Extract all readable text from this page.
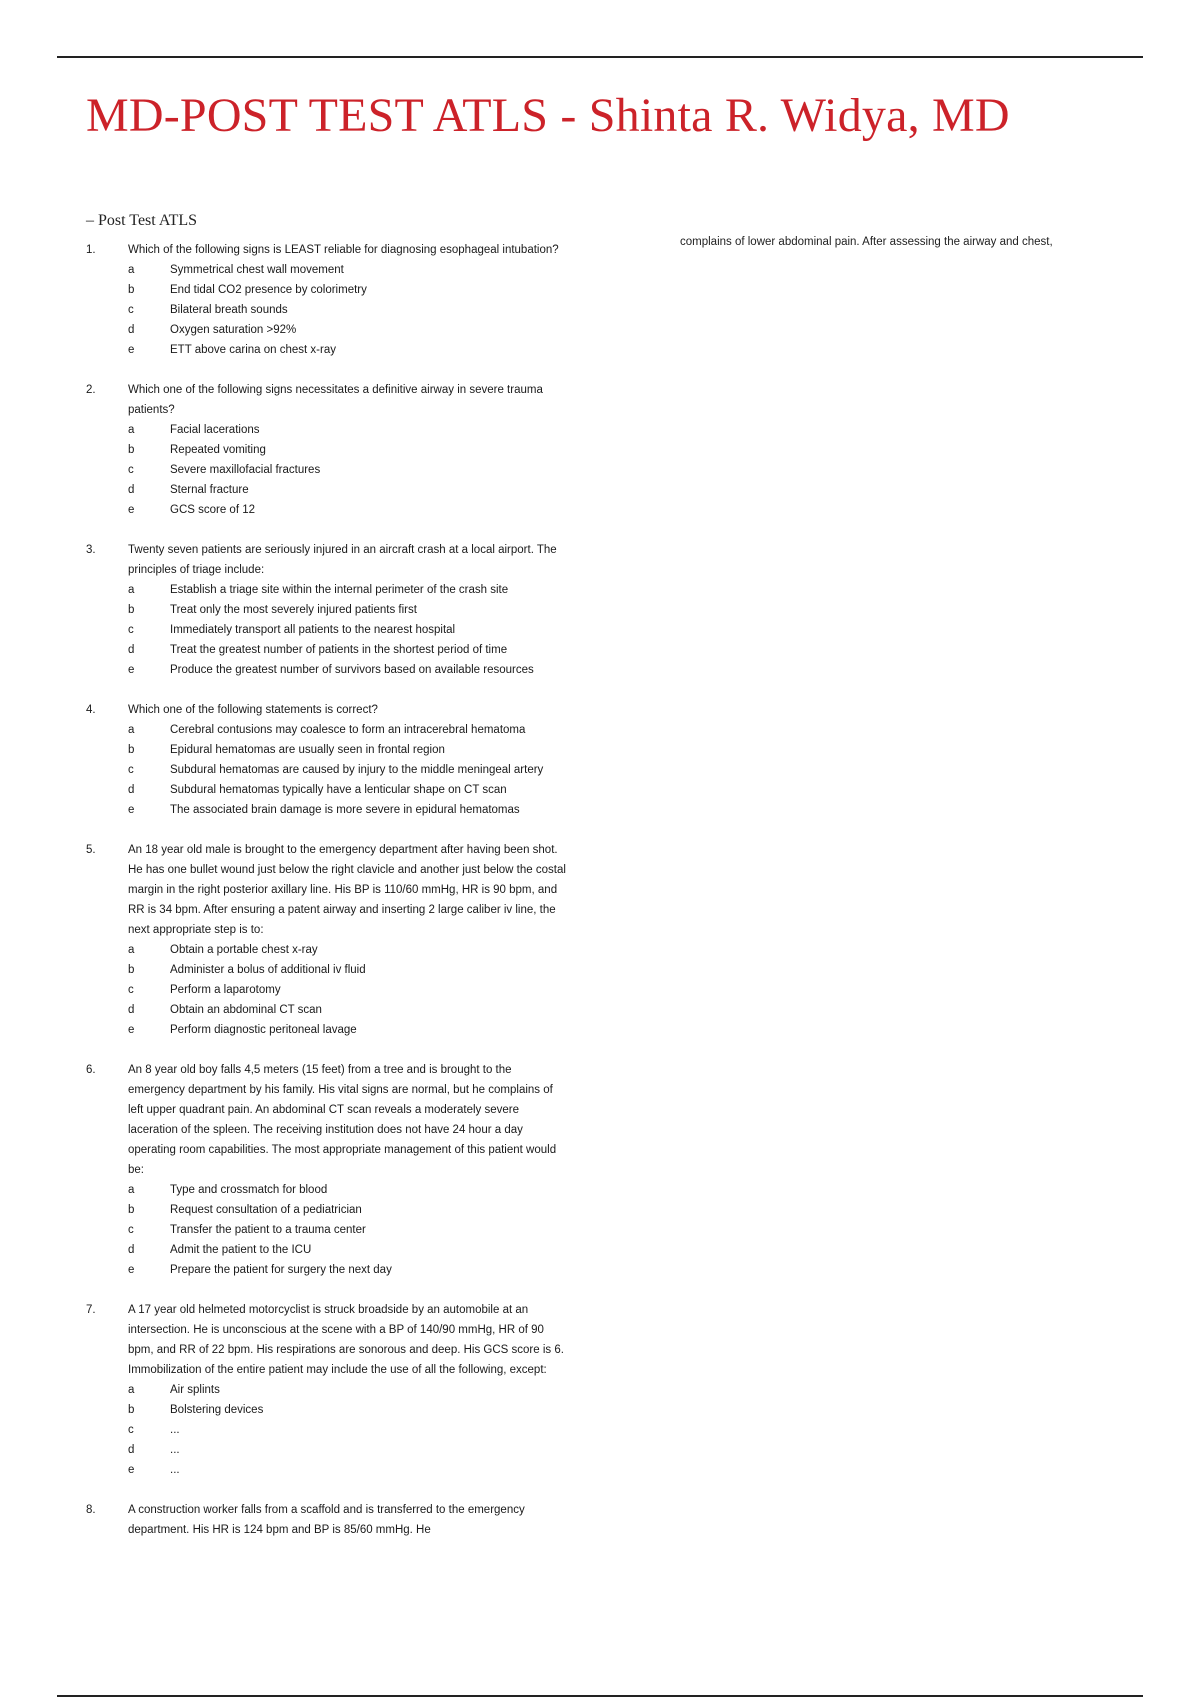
MD-POST TEST ATLS - Shinta R. Widya, MD
– Post Test ATLS
1.	Which of the following signs is LEAST reliable for diagnosing esophageal intubation?
a	Symmetrical chest wall movement
b	End tidal CO2 presence by colorimetry
c	Bilateral breath sounds
d	Oxygen saturation >92%
e	ETT above carina on chest x-ray
2.	Which one of the following signs necessitates a definitive airway in severe trauma patients?
a	Facial lacerations
b	Repeated vomiting
c	Severe maxillofacial fractures
d	Sternal fracture
e	GCS score of 12
3.	Twenty seven patients are seriously injured in an aircraft crash at a local airport. The principles of triage include:
a	Establish a triage site within the internal perimeter of the crash site
b	Treat only the most severely injured patients first
c	Immediately transport all patients to the nearest hospital
d	Treat the greatest number of patients in the shortest period of time
e	Produce the greatest number of survivors based on available resources
4.	Which one of the following statements is correct?
a	Cerebral contusions may coalesce to form an intracerebral hematoma
b	Epidural hematomas are usually seen in frontal region
c	Subdural hematomas are caused by injury to the middle meningeal artery
d	Subdural hematomas typically have a lenticular shape on CT scan
e	The associated brain damage is more severe in epidural hematomas
5.	An 18 year old male is brought to the emergency department after having been shot. He has one bullet wound just below the right clavicle and another just below the costal margin in the right posterior axillary line. His BP is 110/60 mmHg, HR is 90 bpm, and RR is 34 bpm. After ensuring a patent airway and inserting 2 large caliber iv line, the next appropriate step is to:
a	Obtain a portable chest x-ray
b	Administer a bolus of additional iv fluid
c	Perform a laparotomy
d	Obtain an abdominal CT scan
e	Perform diagnostic peritoneal lavage
6.	An 8 year old boy falls 4,5 meters (15 feet) from a tree and is brought to the emergency department by his family. His vital signs are normal, but he complains of left upper quadrant pain. An abdominal CT scan reveals a moderately severe laceration of the spleen. The receiving institution does not have 24 hour a day operating room capabilities. The most appropriate management of this patient would be:
a	Type and crossmatch for blood
b	Request consultation of a pediatrician
c	Transfer the patient to a trauma center
d	Admit the patient to the ICU
e	Prepare the patient for surgery the next day
7.	A 17 year old helmeted motorcyclist is struck broadside by an automobile at an intersection. He is unconscious at the scene with a BP of 140/90 mmHg, HR of 90 bpm, and RR of 22 bpm. His respirations are sonorous and deep. His GCS score is 6. Immobilization of the entire patient may include the use of all the following, except:
a	Air splints
b	Bolstering devices
c	...
d	...
e	...
8.	A construction worker falls from a scaffold and is transferred to the emergency department. His HR is 124 bpm and BP is 85/60 mmHg. He
complains of lower abdominal pain. After assessing the airway and chest,
